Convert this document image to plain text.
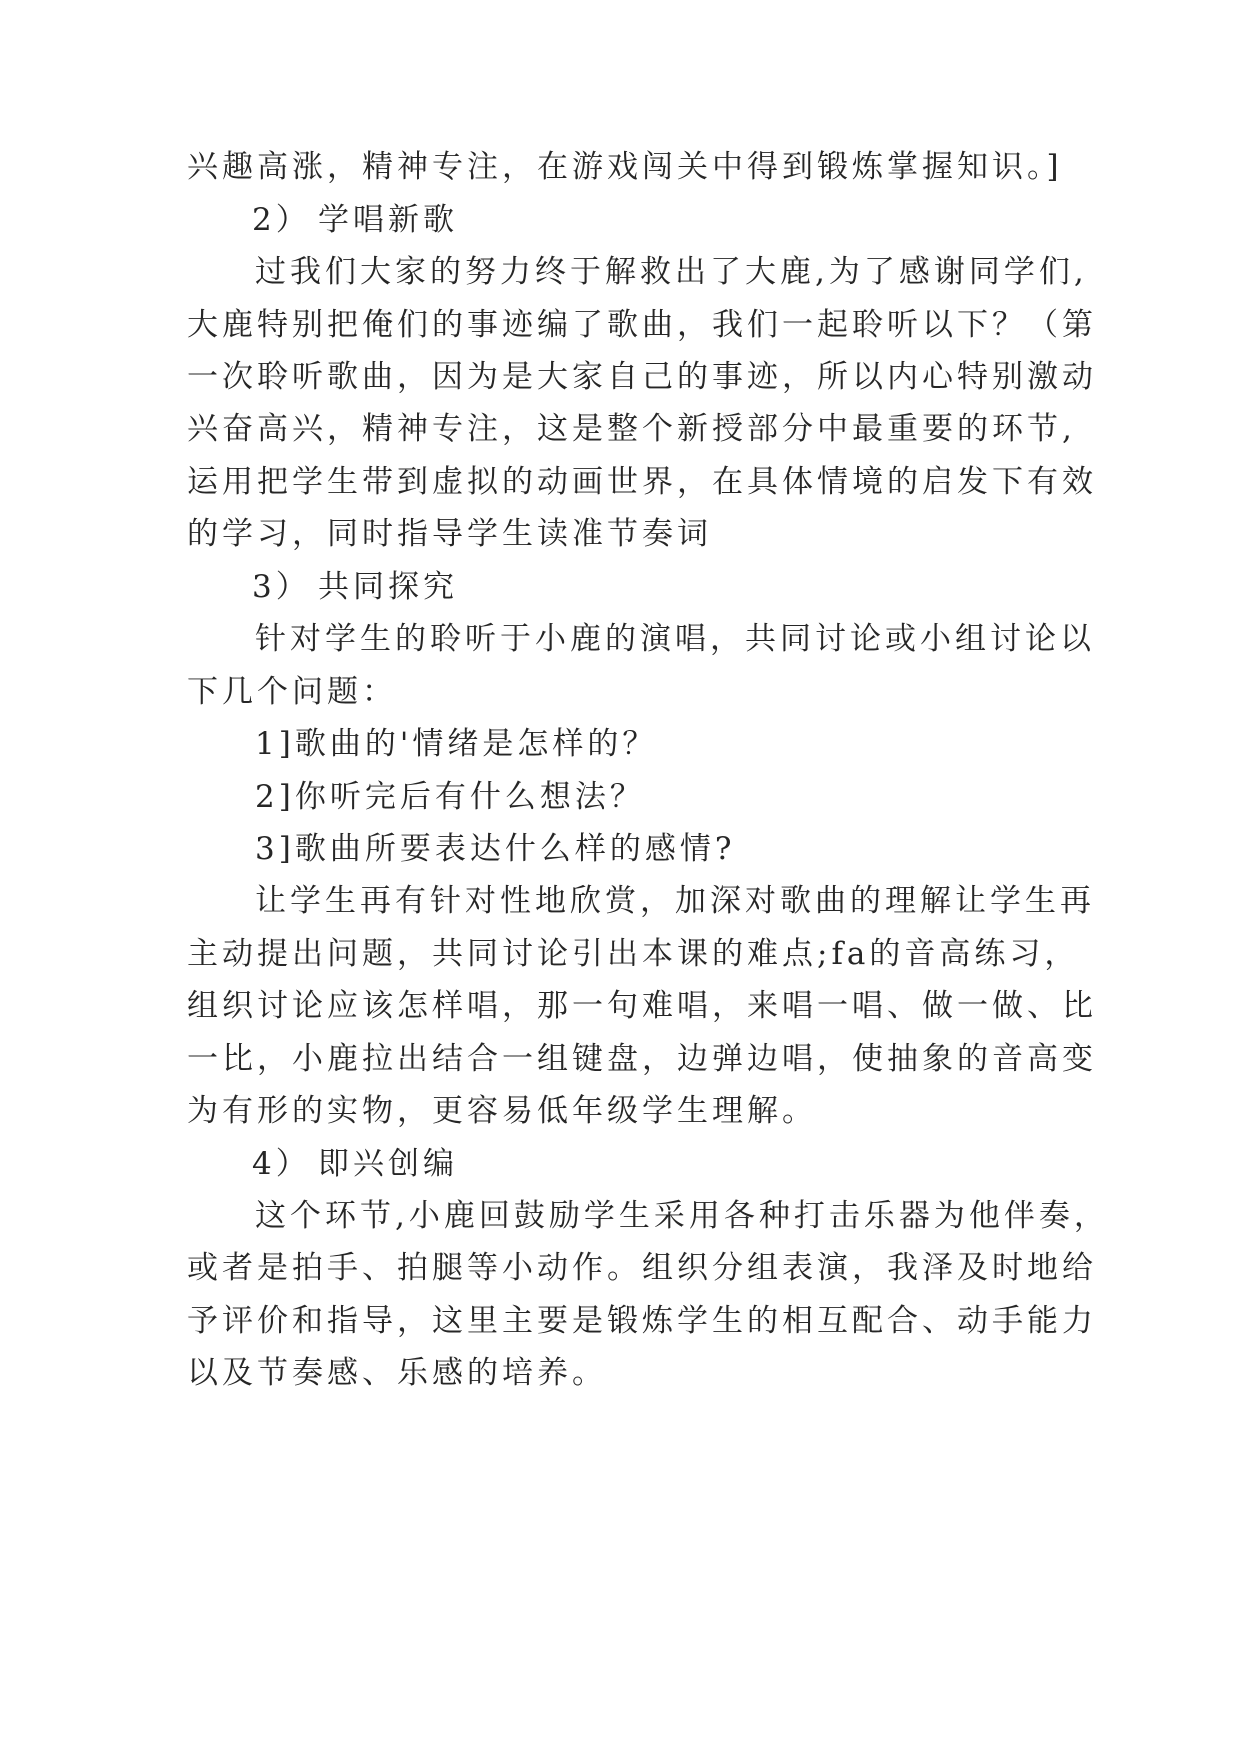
兴趣高涨，精神专注，在游戏闯关中得到锻炼掌握知识。]
2） 学唱新歌
过我们大家的努力终于解救出了大鹿,为了感谢同学们,
大鹿特别把俺们的事迹编了歌曲，我们一起聆听以下？（第
一次聆听歌曲，因为是大家自己的事迹，所以内心特别激动
兴奋高兴，精神专注，这是整个新授部分中最重要的环节,
运用把学生带到虚拟的动画世界，在具体情境的启发下有效
的学习，同时指导学生读准节奏词
3） 共同探究
针对学生的聆听于小鹿的演唱，共同讨论或小组讨论以
下几个问题：
1]歌曲的'情绪是怎样的？
2]你听完后有什么想法？
3]歌曲所要表达什么样的感情?
让学生再有针对性地欣赏，加深对歌曲的理解让学生再
主动提出问题，共同讨论引出本课的难点;fa的音高练习，
组织讨论应该怎样唱，那一句难唱，来唱一唱、做一做、比
一比，小鹿拉出结合一组键盘，边弹边唱，使抽象的音高变
为有形的实物，更容易低年级学生理解。
4） 即兴创编
这个环节,小鹿回鼓励学生采用各种打击乐器为他伴奏，
或者是拍手、拍腿等小动作。组织分组表演，我泽及时地给
予评价和指导，这里主要是锻炼学生的相互配合、动手能力
以及节奏感、乐感的培养。
